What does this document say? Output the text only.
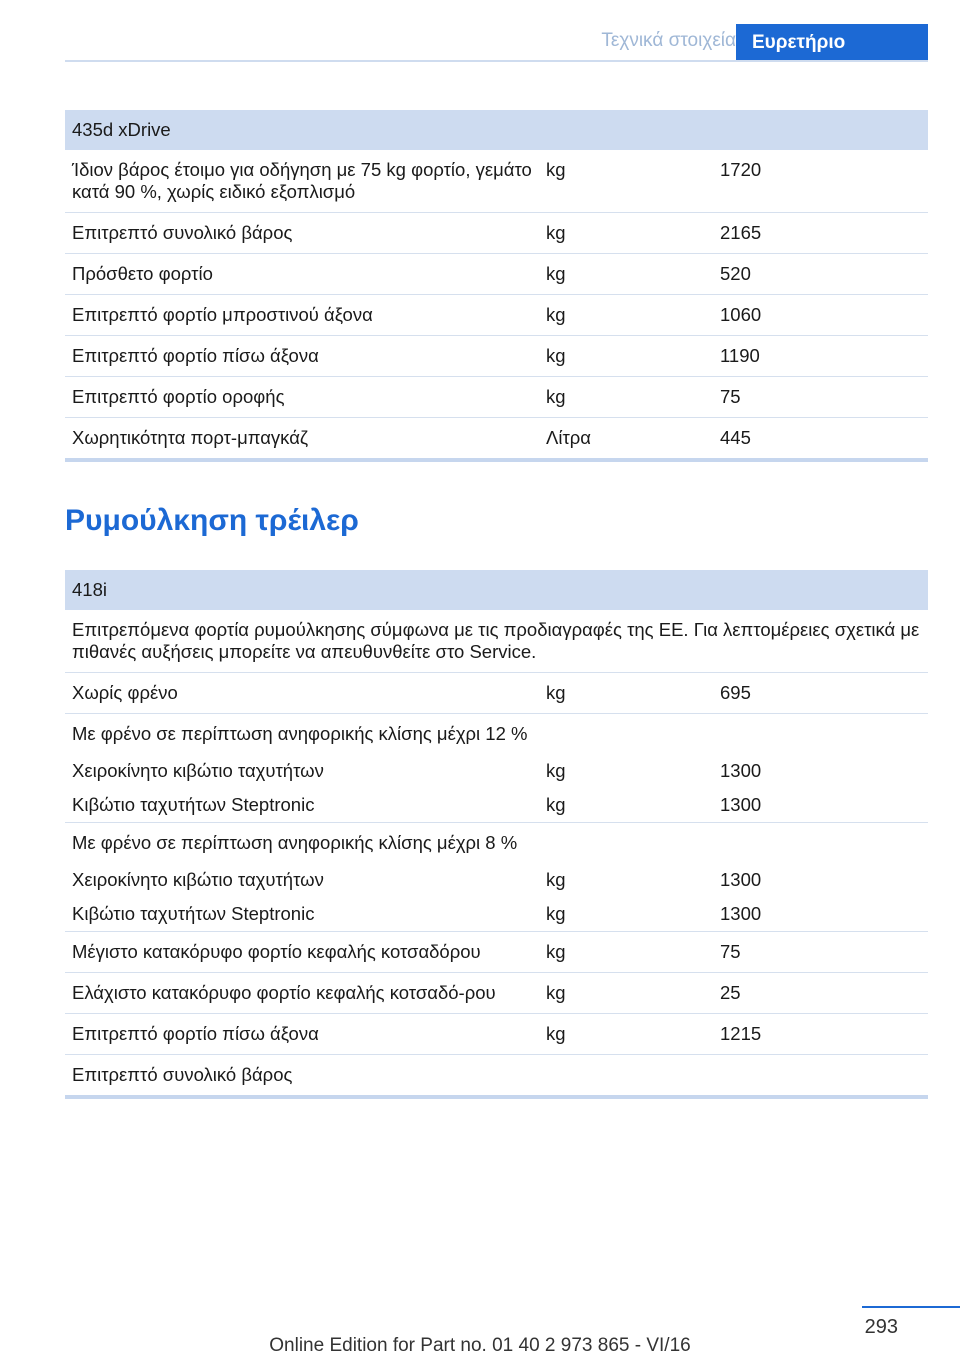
Τεχνικά στοιχεία Ευρετήριο
435d xDrive		
Ίδιον βάρος έτοιμο για οδήγηση με 75 kg φορτίο, γεμάτο κατά 90 %, χωρίς ειδικό εξοπλισμό	kg	1720
Επιτρεπτό συνολικό βάρος	kg	2165
Πρόσθετο φορτίο	kg	520
Επιτρεπτό φορτίο μπροστινού άξονα	kg	1060
Επιτρεπτό φορτίο πίσω άξονα	kg	1190
Επιτρεπτό φορτίο οροφής	kg	75
Χωρητικότητα πορτ-μπαγκάζ	Λίτρα	445
Ρυμούλκηση τρέιλερ
418i		
Επιτρεπόμενα φορτία ρυμούλκησης σύμφωνα με τις προδιαγραφές της ΕΕ. Για λεπτομέρειες σχετικά με πιθανές αυξήσεις μπορείτε να απευθυνθείτε στο Service.		
Χωρίς φρένο	kg	695
Με φρένο σε περίπτωση ανηφορικής κλίσης μέχρι 12 %		
Χειροκίνητο κιβώτιο ταχυτήτων	kg	1300
Κιβώτιο ταχυτήτων Steptronic	kg	1300
Με φρένο σε περίπτωση ανηφορικής κλίσης μέχρι 8 %		
Χειροκίνητο κιβώτιο ταχυτήτων	kg	1300
Κιβώτιο ταχυτήτων Steptronic	kg	1300
Μέγιστο κατακόρυφο φορτίο κεφαλής κοτσαδόρου	kg	75
Ελάχιστο κατακόρυφο φορτίο κεφαλής κοτσαδό-ρου	kg	25
Επιτρεπτό φορτίο πίσω άξονα	kg	1215
Επιτρεπτό συνολικό βάρος		
293
Online Edition for Part no. 01 40 2 973 865 - VI/16
